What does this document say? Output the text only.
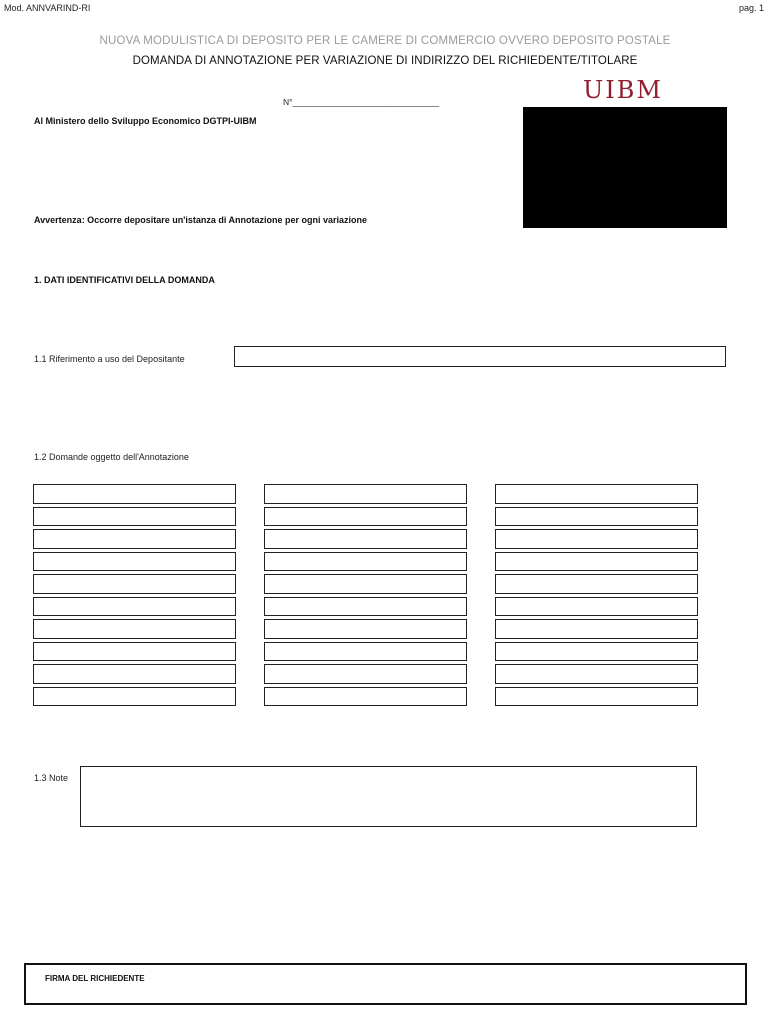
Mod. ANNVARIND-RI	pag. 1
NUOVA MODULISTICA DI DEPOSITO PER LE CAMERE DI COMMERCIO OVVERO DEPOSITO POSTALE
DOMANDA DI ANNOTAZIONE PER VARIAZIONE DI INDIRIZZO DEL RICHIEDENTE/TITOLARE
N°_______________________________	UIBM
Al Ministero dello Sviluppo Economico DGTPI-UIBM
Avvertenza: Occorre depositare un'istanza di Annotazione per ogni variazione
1. DATI IDENTIFICATIVI DELLA DOMANDA
1.1 Riferimento a uso del Depositante
1.2 Domande oggetto dell'Annotazione
1.3 Note
FIRMA DEL RICHIEDENTE
